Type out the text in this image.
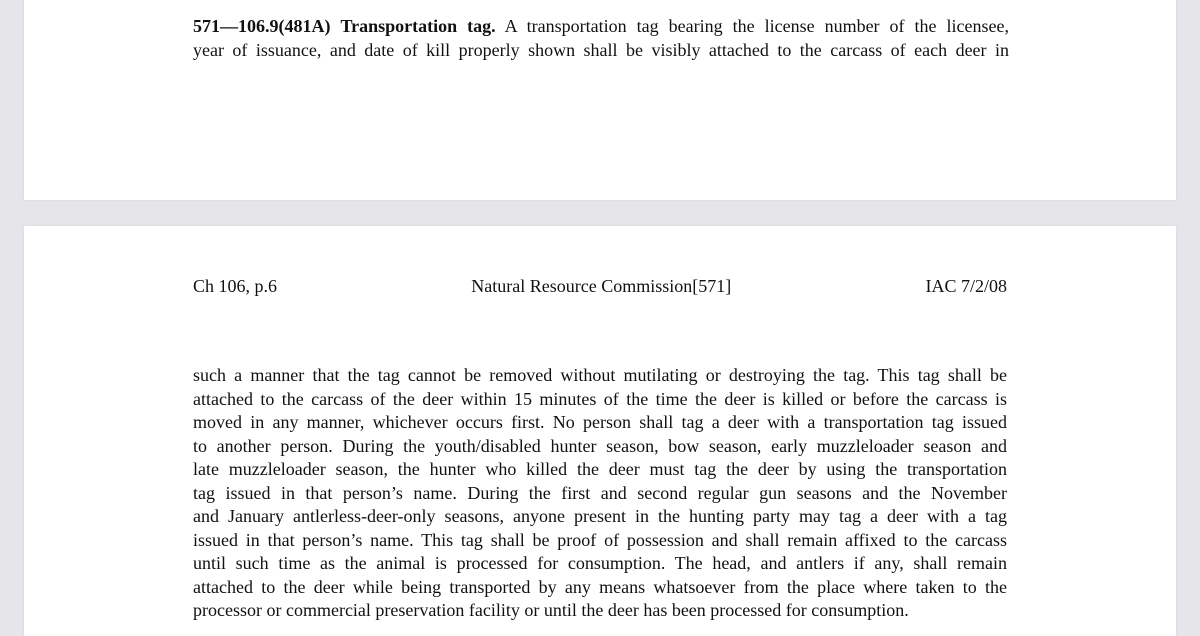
571—106.9(481A) Transportation tag. A transportation tag bearing the license number of the licensee,
year of issuance, and date of kill properly shown shall be visibly attached to the carcass of each deer in
Ch 106, p.6	Natural Resource Commission[571]	IAC 7/2/08
such a manner that the tag cannot be removed without mutilating or destroying the tag. This tag shall be
attached to the carcass of the deer within 15 minutes of the time the deer is killed or before the carcass is
moved in any manner, whichever occurs first. No person shall tag a deer with a transportation tag issued
to another person. During the youth/disabled hunter season, bow season, early muzzleloader season and
late muzzleloader season, the hunter who killed the deer must tag the deer by using the transportation
tag issued in that person’s name. During the first and second regular gun seasons and the November
and January antlerless-deer-only seasons, anyone present in the hunting party may tag a deer with a tag
issued in that person’s name. This tag shall be proof of possession and shall remain affixed to the carcass
until such time as the animal is processed for consumption. The head, and antlers if any, shall remain
attached to the deer while being transported by any means whatsoever from the place where taken to the
processor or commercial preservation facility or until the deer has been processed for consumption.
